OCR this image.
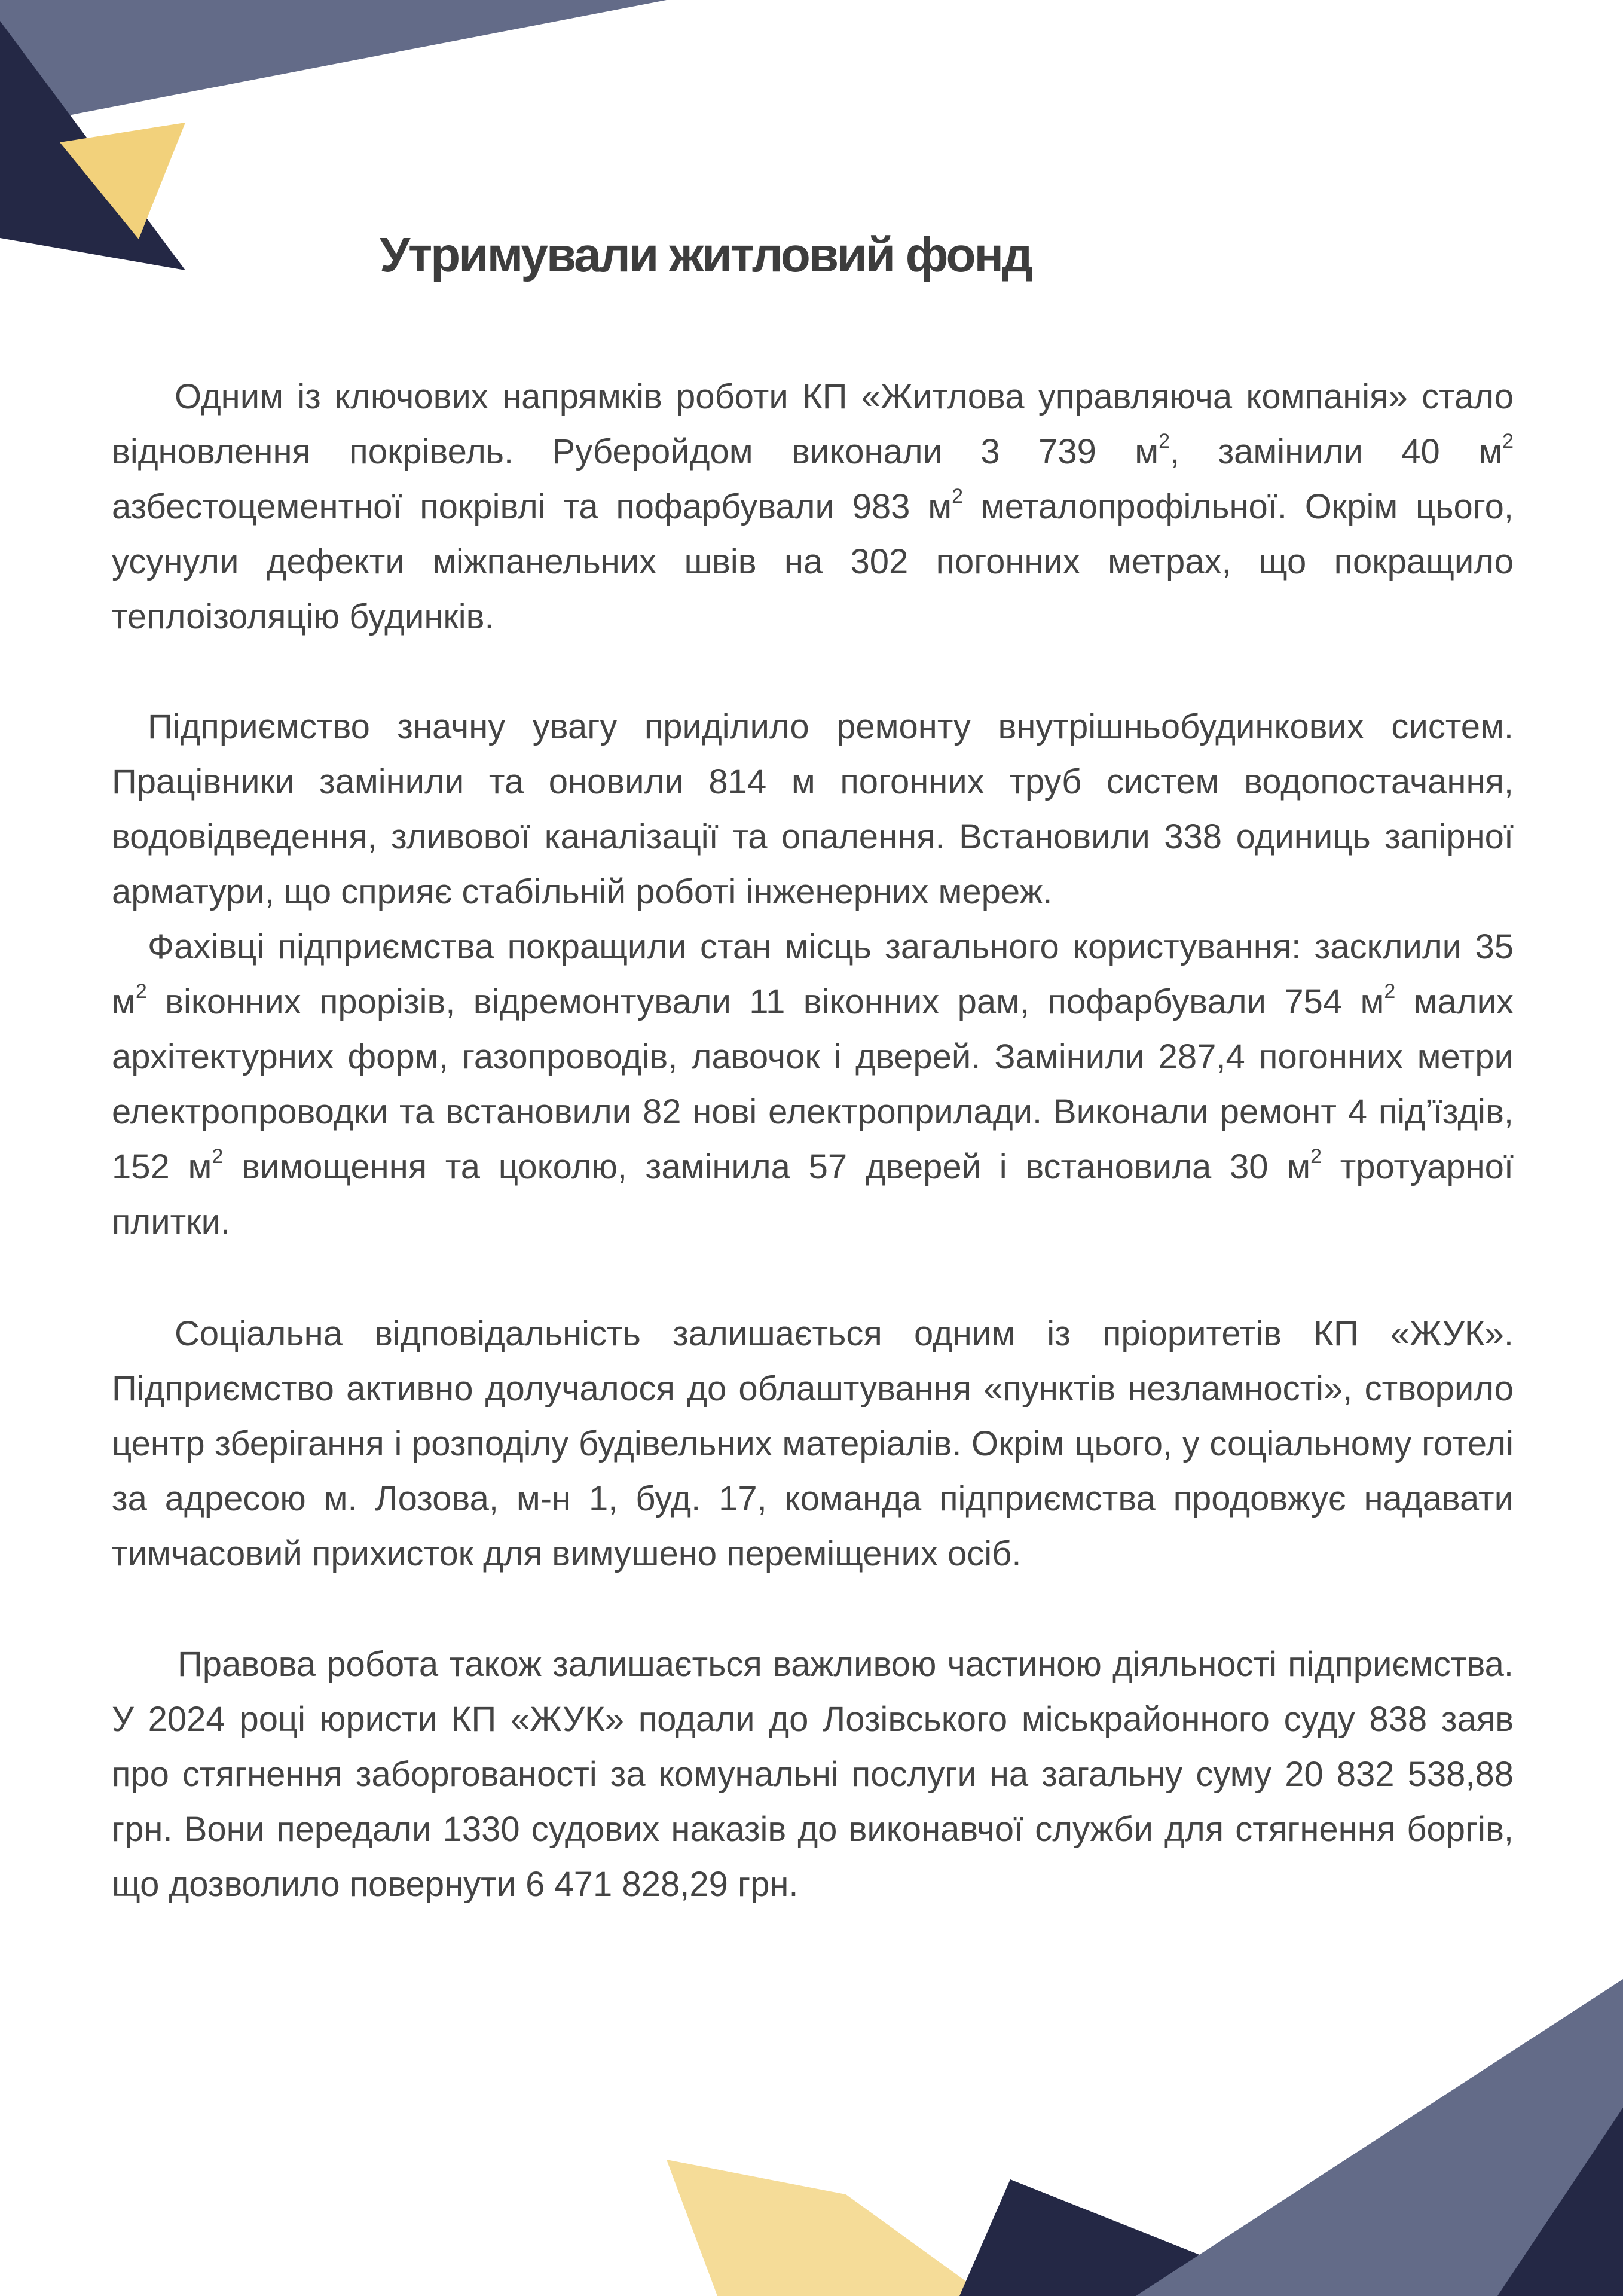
Утримували житловий фонд

Одним із ключових напрямків роботи КП «Житлова управляюча компанія» стало відновлення покрівель. Руберойдом виконали 3 739 $м^2$, замінили 40 $м^2$ азбестоцементної покрівлі та пофарбували 983 $м^2$ металопрофільної. Окрім цього, усунули дефекти міжпанельних швів на 302 погонних метрах, що покращило теплоізоляцію будинків.

Підприємство значну увагу приділило ремонту внутрішньобудинкових систем. Працівники замінили та оновили 814 м погонних труб систем водопостачання, водовідведення, зливової каналізації та опалення. Встановили 338 одиниць запірної арматури, що сприяє стабільній роботі інженерних мереж.
Фахівці підприємства покращили стан місць загального користування: засклили 35 $м^2$ віконних прорізів, відремонтували 11 віконних рам, пофарбували 754 $м^2$ малих архітектурних форм, газопроводів, лавочок і дверей. Замінили 287,4 погонних метри електропроводки та встановили 82 нові електроприлади. Виконали ремонт 4 під’їздів, 152 $м^2$ вимощення та цоколю, замінила 57 дверей і встановила 30 $м^2$ тротуарної плитки.

Соціальна відповідальність залишається одним із пріоритетів КП «ЖУК». Підприємство активно долучалося до облаштування «пунктів незламності», створило центр зберігання і розподілу будівельних матеріалів. Окрім цього, у соціальному готелі за адресою м. Лозова, м-н 1, буд. 17, команда підприємства продовжує надавати тимчасовий прихисток для вимушено переміщених осіб.

Правова робота також залишається важливою частиною діяльності підприємства. У 2024 році юристи КП «ЖУК» подали до Лозівського міськрайонного суду 838 заяв про стягнення заборгованості за комунальні послуги на загальну суму 20 832 538,88 грн. Вони передали 1330 судових наказів до виконавчої служби для стягнення боргів, що дозволило повернути 6 471 828,29 грн.
